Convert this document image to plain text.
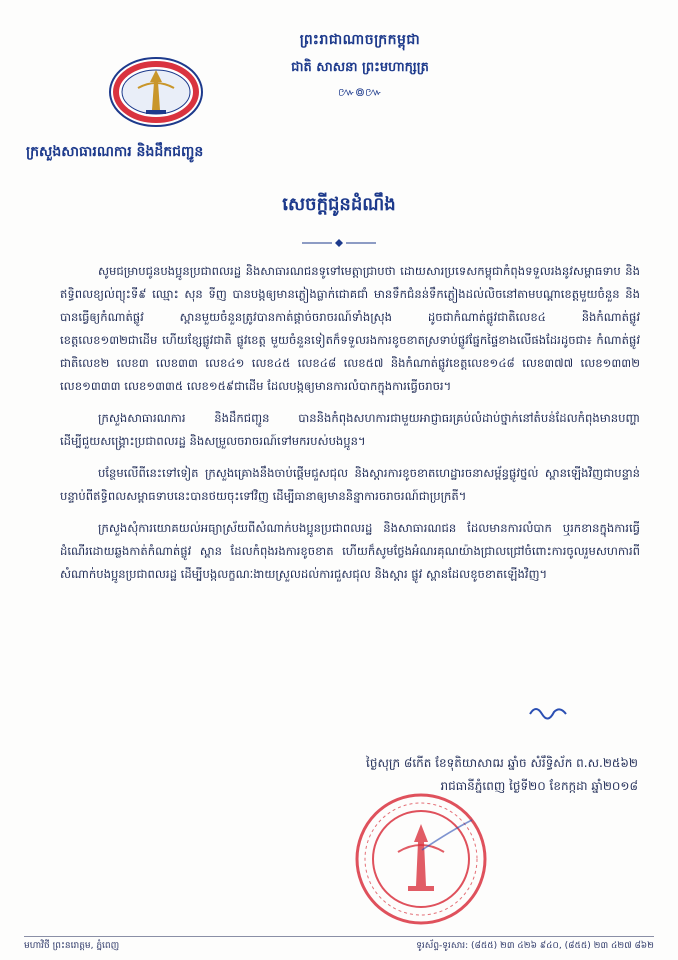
ព្រះរាជាណាចក្រកម្ពុជា
ជាតិ សាសនា ព្រះមហាក្សត្រ
៚៙៚
ក្រសួងសាធារណការ និងដឹកជញ្ជូន
សេចក្តីជូនដំណឹង

សូមជម្រាបជូនបងប្អូនប្រជាពលរដ្ឋ និងសាធារណជនទូទៅមេត្តាជ្រាបថា ដោយសារប្រទេសកម្ពុជាកំពុងទទួលរងនូវសម្ពាធទាប និងឥទ្ធិពលខ្យល់ព្យុះទី៩ ឈ្មោះ សុន ទីញ បានបង្កឲ្យមានភ្លៀងធ្លាក់ជោគជាំ មានទឹកជំនន់ទឹកភ្លៀងដល់លិចនៅតាមបណ្តាខេត្តមួយចំនួន និងបានធ្វើឲ្យកំណាត់ផ្លូវ ស្ពានមួយចំនួនត្រូវបានកាត់ផ្តាច់ចរាចរណ៍ទាំងស្រុង ដូចជាកំណាត់ផ្លូវជាតិលេខ៤ និងកំណាត់ផ្លូវខេត្តលេខ១៣២ជាដើម ហើយខ្សែផ្លូវជាតិ ផ្លូវខេត្ត មួយចំនួនទៀតក៏ទទួលរងការខូចខាតស្រទាប់ផ្លូវផ្នែកផ្ទៃខាងលើផងដែរដូចជា៖ កំណាត់ផ្លូវជាតិលេខ២ លេខ៣ លេខ៣៣ លេខ៤១ លេខ៤៥ លេខ៤៨ លេខ៥៧ និងកំណាត់ផ្លូវខេត្តលេខ១៤៨ លេខ៣៧៧ លេខ១៣៣២ លេខ១៣៣៣ លេខ១៣៣៥ លេខ១៥៩ជាដើម ដែលបង្កឲ្យមានការលំបាកក្នុងការធ្វើចរាចរ។

ក្រសួងសាធារណការ និងដឹកជញ្ជូន បាននិងកំពុងសហការជាមួយអាជ្ញាធរគ្រប់លំដាប់ថ្នាក់នៅតំបន់ដែលកំពុងមានបញ្ហា ដើម្បីជួយសង្គ្រោះប្រជាពលរដ្ឋ និងសម្រួលចរាចរណ៍ទៅមករបស់បងប្អូន។

បន្ថែមលើពីនេះទៅទៀត ក្រសួងគ្រោងនឹងចាប់ផ្តើមជួសជុល និងស្តារការខូចខាតហេដ្ឋារចនាសម្ព័ន្ធផ្លូវថ្នល់ ស្ពានឡើងវិញជាបន្ទាន់ បន្ទាប់ពីឥទ្ធិពលសម្ពាធទាបនេះបានថយចុះទៅវិញ ដើម្បីធានាឲ្យមាននិន្នាការចរាចរណ៍ជាប្រក្រតី។

ក្រសួងសុំការយោគយល់អធ្យាស្រ័យពីសំណាក់បងប្អូនប្រជាពលរដ្ឋ និងសាធារណជន ដែលមានការលំបាក ឬរកខានក្នុងការធ្វើដំណើរដោយឆ្លងកាត់កំណាត់ផ្លូវ ស្ពាន ដែលកំពុងរងការខូចខាត ហើយក៏សូមថ្លែងអំណរគុណយ៉ាងជ្រាលជ្រៅចំពោះការចូលរួមសហការពីសំណាក់បងប្អូនប្រជាពលរដ្ឋ ដើម្បីបង្កលក្ខណៈងាយស្រួលដល់ការជួសជុល និងស្តារ ផ្លូវ ស្ពានដែលខូចខាតឡើងវិញ។

ថ្ងៃសុក្រ ៨កើត ខែទុតិយាសាឍ ឆ្នាំច សំរឹទ្ធិស័ក ព.ស.២៥៦២
រាជធានីភ្នំពេញ ថ្ងៃទី២០ ខែកក្កដា ឆ្នាំ២០១៨
មហាវិថី ព្រះនរោត្តម, ភ្នំពេញ	ទូរស័ព្ទ-ទូរសារ: (៨៥៥) ២៣ ៤២៦ ៩៤០, (៨៥៥) ២៣ ៤២៧ ៨៦២
